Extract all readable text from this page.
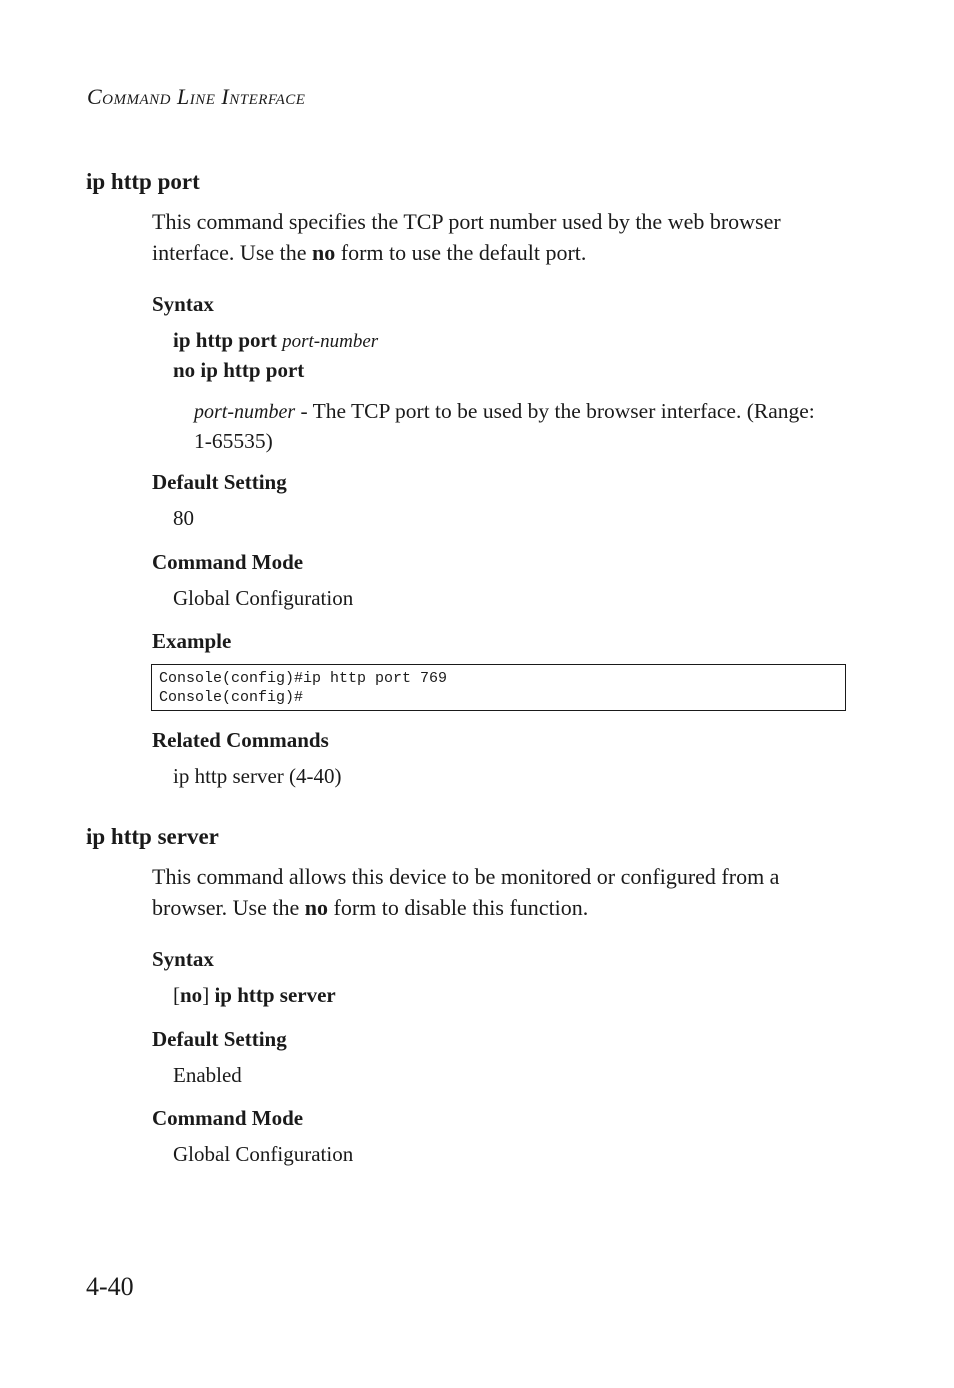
Command Line Interface
ip http port
This command specifies the TCP port number used by the web browser interface. Use the no form to use the default port.
Syntax
ip http port port-number
no ip http port
port-number - The TCP port to be used by the browser interface. (Range: 1-65535)
Default Setting
80
Command Mode
Global Configuration
Example
Console(config)#ip http port 769
Console(config)#
Related Commands
ip http server (4-40)
ip http server
This command allows this device to be monitored or configured from a browser. Use the no form to disable this function.
Syntax
[no] ip http server
Default Setting
Enabled
Command Mode
Global Configuration
4-40
